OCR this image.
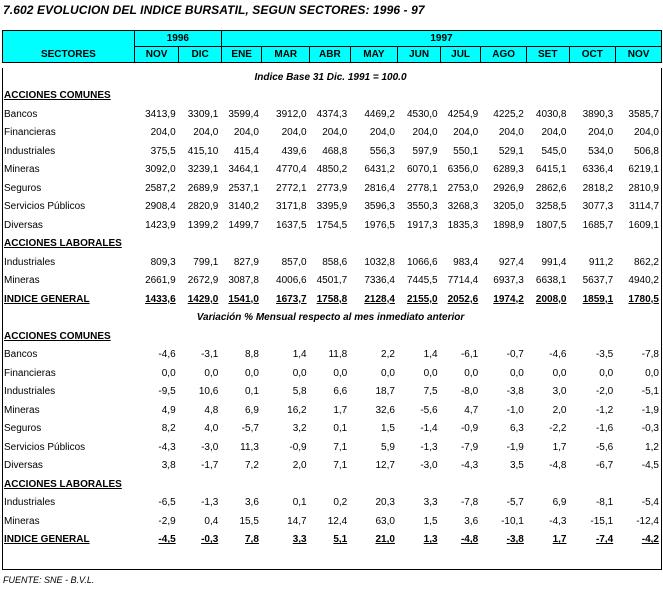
7.602 EVOLUCION DEL INDICE BURSATIL, SEGUN SECTORES: 1996 - 97
SECTORES	1996		1997									
	NOV	DIC	ENE	MAR	ABR	MAY	JUN	JUL	AGO	SET	OCT	NOV
Indice Base 31 Dic. 1991 = 100.0												
ACCIONES COMUNES												
Bancos	3413,9	3309,1	3599,4	3912,0	4374,3	4469,2	4530,0	4254,9	4225,2	4030,8	3890,3	3585,7
Financieras	204,0	204,0	204,0	204,0	204,0	204,0	204,0	204,0	204,0	204,0	204,0	204,0
Industriales	375,5	415,10	415,4	439,6	468,8	556,3	597,9	550,1	529,1	545,0	534,0	506,8
Mineras	3092,0	3239,1	3464,1	4770,4	4850,2	6431,2	6070,1	6356,0	6289,3	6415,1	6336,4	6219,1
Seguros	2587,2	2689,9	2537,1	2772,1	2773,9	2816,4	2778,1	2753,0	2926,9	2862,6	2818,2	2810,9
Servicios Públicos	2908,4	2820,9	3140,2	3171,8	3395,9	3596,3	3550,3	3268,3	3205,0	3258,5	3077,3	3114,7
Diversas	1423,9	1399,2	1499,7	1637,5	1754,5	1976,5	1917,3	1835,3	1898,9	1807,5	1685,7	1609,1
ACCIONES LABORALES												
Industriales	809,3	799,1	827,9	857,0	858,6	1032,8	1066,6	983,4	927,4	991,4	911,2	862,2
Mineras	2661,9	2672,9	3087,8	4006,6	4501,7	7336,4	7445,5	7714,4	6937,3	6638,1	5637,7	4940,2
INDICE GENERAL	1433,6	1429,0	1541,0	1673,7	1758,8	2128,4	2155,0	2052,6	1974,2	2008,0	1859,1	1780,5
Variación % Mensual respecto al mes inmediato anterior												
ACCIONES COMUNES												
Bancos	-4,6	-3,1	8,8	1,4	11,8	2,2	1,4	-6,1	-0,7	-4,6	-3,5	-7,8
Financieras	0,0	0,0	0,0	0,0	0,0	0,0	0,0	0,0	0,0	0,0	0,0	0,0
Industriales	-9,5	10,6	0,1	5,8	6,6	18,7	7,5	-8,0	-3,8	3,0	-2,0	-5,1
Mineras	4,9	4,8	6,9	16,2	1,7	32,6	-5,6	4,7	-1,0	2,0	-1,2	-1,9
Seguros	8,2	4,0	-5,7	3,2	0,1	1,5	-1,4	-0,9	6,3	-2,2	-1,6	-0,3
Servicios Públicos	-4,3	-3,0	11,3	-0,9	7,1	5,9	-1,3	-7,9	-1,9	1,7	-5,6	1,2
Diversas	3,8	-1,7	7,2	2,0	7,1	12,7	-3,0	-4,3	3,5	-4,8	-6,7	-4,5
ACCIONES LABORALES												
Industriales	-6,5	-1,3	3,6	0,1	0,2	20,3	3,3	-7,8	-5,7	6,9	-8,1	-5,4
Mineras	-2,9	0,4	15,5	14,7	12,4	63,0	1,5	3,6	-10,1	-4,3	-15,1	-12,4
INDICE GENERAL	-4,5	-0,3	7,8	3,3	5,1	21,0	1,3	-4,8	-3,8	1,7	-7,4	-4,2
FUENTE: SNE - B.V.L.
